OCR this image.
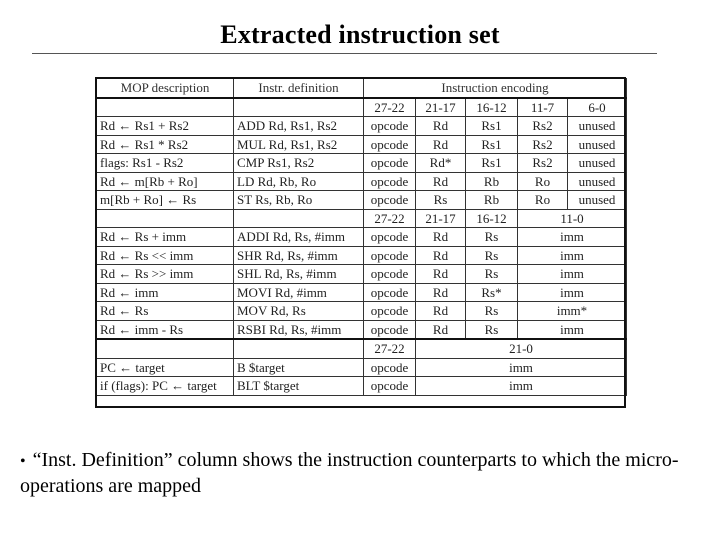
Extracted instruction set
MOP description	Instr. definition	Instruction encoding				
		27-22	21-17	16-12	11-7	6-0
Rd ← Rs1 + Rs2	ADD Rd, Rs1, Rs2	opcode	Rd	Rs1	Rs2	unused
Rd ← Rs1 * Rs2	MUL Rd, Rs1, Rs2	opcode	Rd	Rs1	Rs2	unused
flags: Rs1 - Rs2	CMP Rs1, Rs2	opcode	Rd*	Rs1	Rs2	unused
Rd ← m[Rb + Ro]	LD Rd, Rb, Ro	opcode	Rd	Rb	Ro	unused
m[Rb + Ro] ← Rs	ST Rs, Rb, Ro	opcode	Rs	Rb	Ro	unused
		27-22	21-17	16-12	11-0	
Rd ← Rs + imm	ADDI Rd, Rs, #imm	opcode	Rd	Rs	imm	
Rd ← Rs << imm	SHR Rd, Rs, #imm	opcode	Rd	Rs	imm	
Rd ← Rs >> imm	SHL Rd, Rs, #imm	opcode	Rd	Rs	imm	
Rd ← imm	MOVI Rd, #imm	opcode	Rd	Rs*	imm	
Rd ← Rs	MOV Rd, Rs	opcode	Rd	Rs	imm*	
Rd ← imm - Rs	RSBI Rd, Rs, #imm	opcode	Rd	Rs	imm	
		27-22	21-0			
PC ← target	B $target	opcode	imm			
if (flags): PC ← target	BLT $target	opcode	imm			
• “Inst. Definition” column shows the instruction counterparts to which the micro-operations are mapped
